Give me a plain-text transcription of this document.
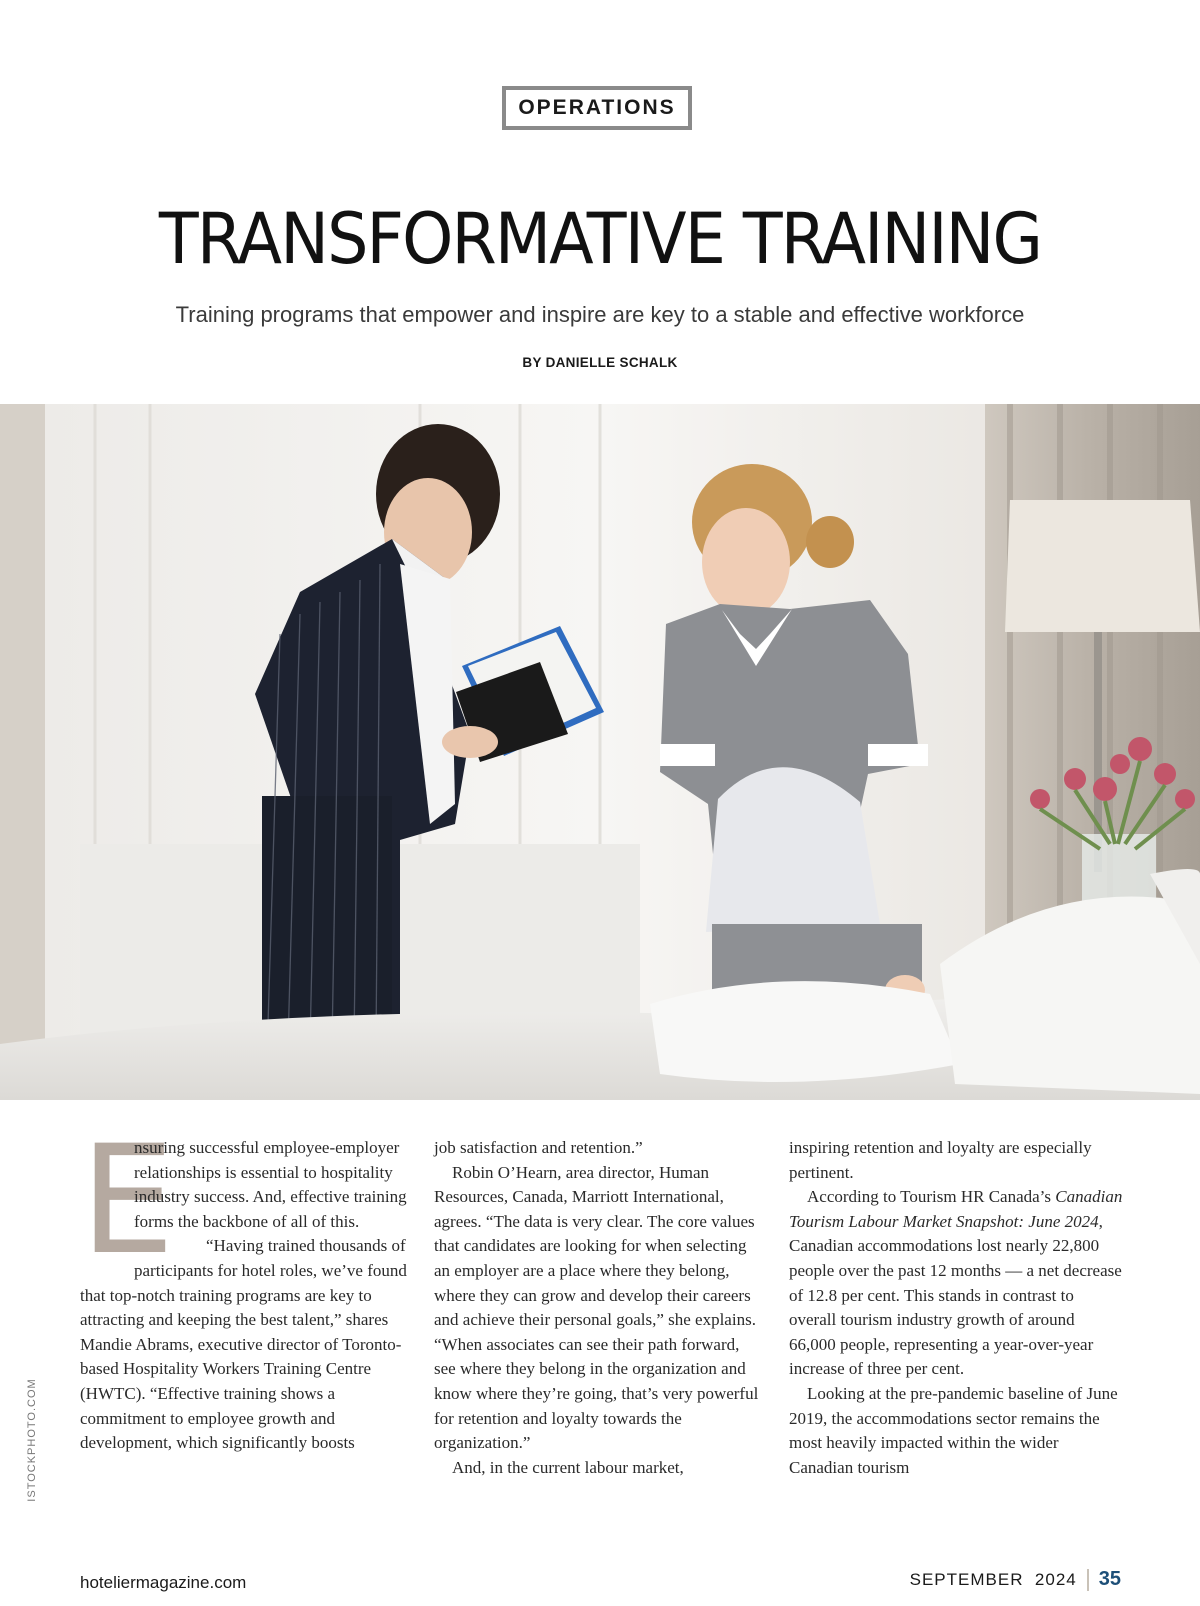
OPERATIONS
TRANSFORMATIVE TRAINING
Training programs that empower and inspire are key to a stable and effective workforce
BY DANIELLE SCHALK
ISTOCKPHOTO.COM

E
nsuring successful employee-employer relationships is essential to hospitality industry success. And, effective training forms the backbone of all of this.

“Having trained thousands of participants for hotel roles, we’ve found that top-notch training programs are key to attracting and keeping the best talent,” shares Mandie Abrams, executive director of Toronto-based Hospitality Workers Training Centre (HWTC). “Effective training shows a commitment to employee growth and development, which significantly boosts

job satisfaction and retention.”

Robin O’Hearn, area director, Human Resources, Canada, Marriott International, agrees. “The data is very clear. The core values that candidates are looking for when selecting an employer are a place where they belong, where they can grow and develop their careers and achieve their personal goals,” she explains. “When associates can see their path forward, see where they belong in the organization and know where they’re going, that’s very powerful for retention and loyalty towards the organization.”

And, in the current labour market,

inspiring retention and loyalty are especially pertinent.

According to Tourism HR Canada’s Canadian Tourism Labour Market Snapshot: June 2024, Canadian accommodations lost nearly 22,800 people over the past 12 months — a net decrease of 12.8 per cent. This stands in contrast to overall tourism industry growth of around 66,000 people, representing a year-over-year increase of three per cent.

Looking at the pre-pandemic baseline of June 2019, the accommodations sector remains the most heavily impacted within the wider Canadian tourism

hoteliermagazine.com	SEPTEMBER  2024 35
